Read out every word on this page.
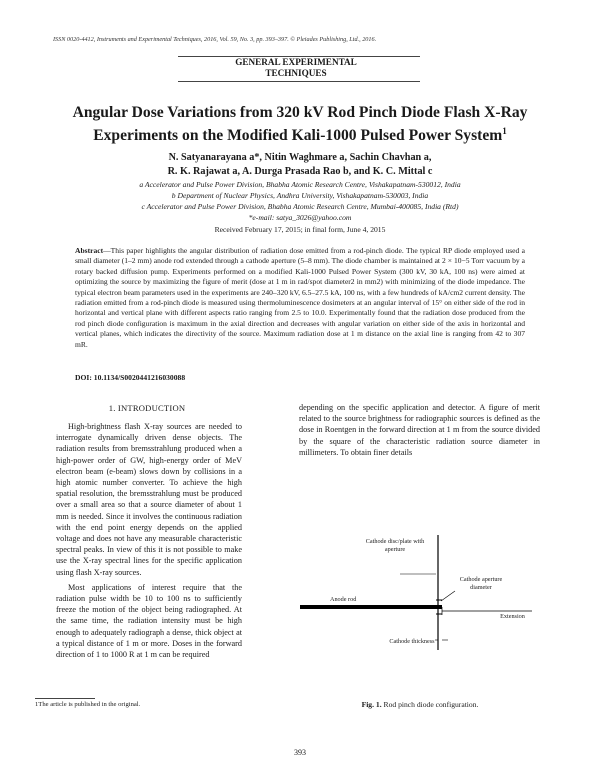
ISSN 0020-4412, Instruments and Experimental Techniques, 2016, Vol. 59, No. 3, pp. 393–397. © Pleiades Publishing, Ltd., 2016.
GENERAL EXPERIMENTAL
TECHNIQUES
Angular Dose Variations from 320 kV Rod Pinch Diode Flash X-Ray
Experiments on the Modified Kali-1000 Pulsed Power System$^1$
N. Satyanarayana a*, Nitin Waghmare a, Sachin Chavhan a,
R. K. Rajawat a, A. Durga Prasada Rao b, and K. C. Mittal c
a Accelerator and Pulse Power Division, Bhabha Atomic Research Centre, Vishakapatnam-530012, India
b Department of Nuclear Physics, Andhra University, Vishakapatnam-530003, India
c Accelerator and Pulse Power Division, Bhabha Atomic Research Centre, Mumbai-400085, India (Rtd)
*e-mail: satya_3026@yahoo.com
Received February 17, 2015; in final form, June 4, 2015
Abstract—This paper highlights the angular distribution of radiation dose emitted from a rod-pinch diode. The typical RP diode employed used a small diameter (1–2 mm) anode rod extended through a cathode aperture (5–8 mm). The diode chamber is maintained at 2 × 10−5 Torr vacuum by a rotary backed diffusion pump. Experiments performed on a modified Kali-1000 Pulsed Power System (300 kV, 30 kA, 100 ns) were aimed at optimizing the source by maximizing the figure of merit (dose at 1 m in rad/spot diameter2 in mm2) with minimizing of the diode impedance. The typical electron beam parameters used in the experiments are 240–320 kV, 6.5–27.5 kA, 100 ns, with a few hundreds of kA/cm2 current density. The radiation emitted from a rod-pinch diode is measured using thermoluminescence dosimeters at an angular interval of 15° on either side of the rod in horizontal and vertical plane with different aspects ratio ranging from 2.5 to 10.0. Experimentally found that the radiation dose produced from the rod pinch diode configuration is maximum in the axial direction and decreases with angular variation on either side of the axis in horizontal and vertical planes, which indicates the directivity of the source. Maximum radiation dose at 1 m distance on the axial line is ranging from 42 to 307 mR.
DOI: 10.1134/S0020441216030088
1. INTRODUCTION

High-brightness flash X-ray sources are needed to interrogate dynamically driven dense objects. The radiation results from bremsstrahlung produced when a high-power order of GW, high-energy order of MeV electron beam (e-beam) slows down by collisions in a high atomic number converter. To achieve the high spatial resolution, the bremsstrahlung must be produced over a small area so that a source diameter of about 1 mm is needed. Since it involves the continuous radiation with the end point energy depends on the applied voltage and does not have any measurable characteristic spectral peaks. In view of this it is not possible to make use the X-ray spectral lines for the specific application using flash X-ray sources.

Most applications of interest require that the radiation pulse width be 10 to 100 ns to sufficiently freeze the motion of the object being radiographed. At the same time, the radiation intensity must be high enough to adequately radiograph a dense, thick object at a typical distance of 1 m or more. Doses in the forward direction of 1 to 1000 R at 1 m can be required

depending on the specific application and detector. A figure of merit related to the source brightness for radiographic sources is defined as the dose in Roentgen in the forward direction at 1 m from the source divided by the square of the characteristic radiation source diameter in millimeters. To obtain finer details
Cathode disc/plate with aperture
Anode rod
Cathode aperture diameter
Extension
Cathode thickness
Fig. 1. Rod pinch diode configuration.
1The article is published in the original.
393
